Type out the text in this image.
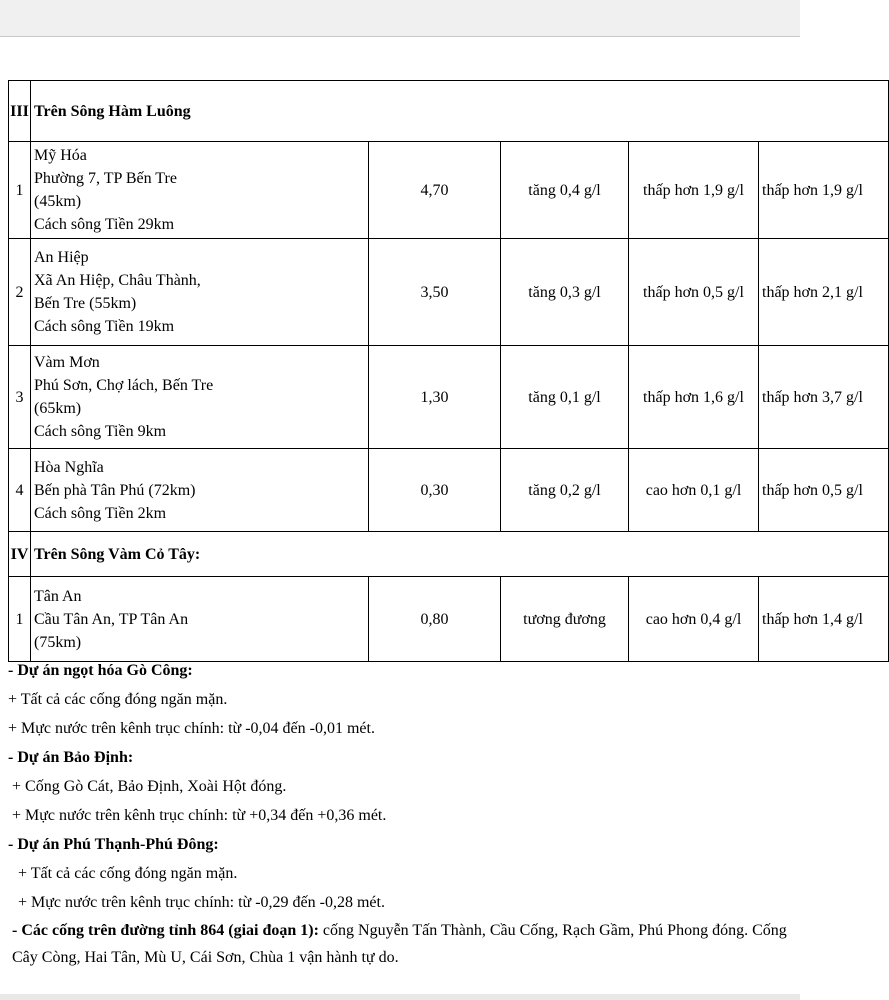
III	Trên Sông Hàm Luông				
1	Mỹ Hóa
Phường 7, TP Bến Tre
(45km)
Cách sông Tiền 29km	4,70	tăng 0,4 g/l	thấp hơn 1,9 g/l	thấp hơn 1,9 g/l
2	An Hiệp
Xã An Hiệp, Châu Thành,
Bến Tre (55km)
Cách sông Tiền 19km	3,50	tăng 0,3 g/l	thấp hơn 0,5 g/l	thấp hơn 2,1 g/l
3	Vàm Mơn
Phú Sơn, Chợ lách, Bến Tre
(65km)
Cách sông Tiền 9km	1,30	tăng 0,1 g/l	thấp hơn 1,6 g/l	thấp hơn 3,7 g/l
4	Hòa Nghĩa
Bến phà Tân Phú (72km)
Cách sông Tiền 2km	0,30	tăng 0,2 g/l	cao hơn 0,1 g/l	thấp hơn 0,5 g/l
IV	Trên Sông Vàm Cỏ Tây:				
1	Tân An
Cầu Tân An, TP Tân An
(75km)	0,80	tương đương	cao hơn 0,4 g/l	thấp hơn 1,4 g/l
- Dự án ngọt hóa Gò Công:
+ Tất cả các cống đóng ngăn mặn.
+ Mực nước trên kênh trục chính: từ -0,04 đến -0,01 mét.
- Dự án Bảo Định:
+ Cống Gò Cát, Bảo Định, Xoài Hột đóng.
+ Mực nước trên kênh trục chính: từ +0,34 đến +0,36 mét.
- Dự án Phú Thạnh-Phú Đông:
+ Tất cả các cống đóng ngăn mặn.
+ Mực nước trên kênh trục chính: từ -0,29 đến -0,28 mét.
- Các cống trên đường tỉnh 864 (giai đoạn 1): cống Nguyễn Tấn Thành, Cầu Cống, Rạch Gầm, Phú Phong đóng. Cống Cây Còng, Hai Tân, Mù U, Cái Sơn, Chùa 1 vận hành tự do.
